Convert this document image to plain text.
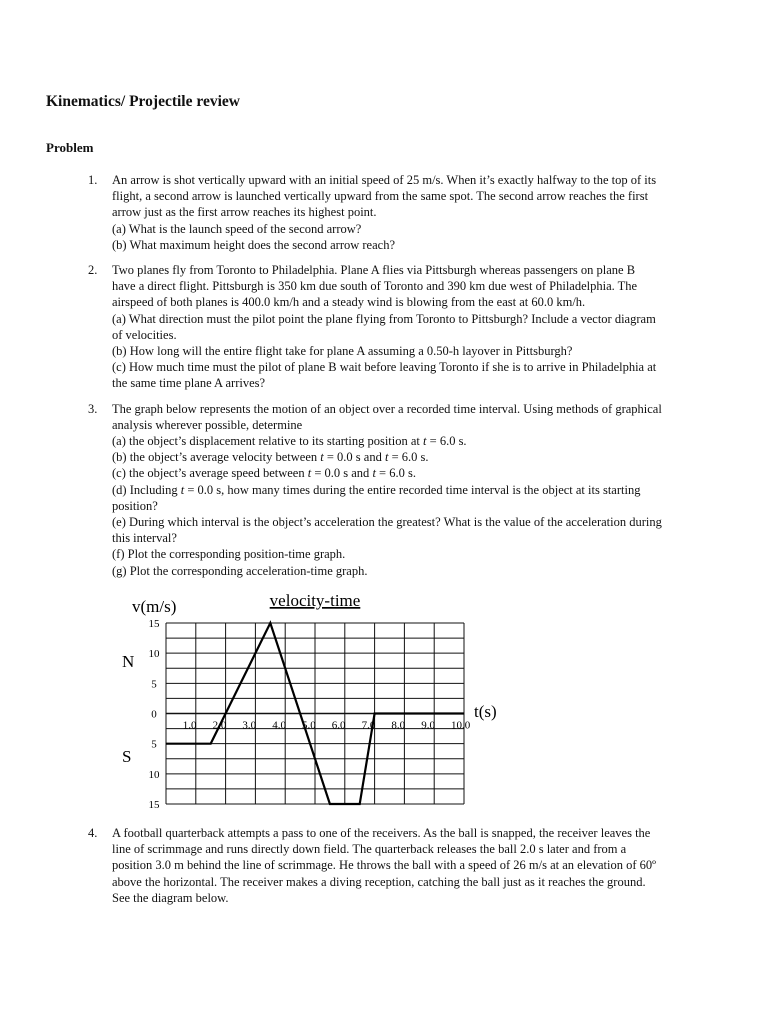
Kinematics/ Projectile review
Problem
1. An arrow is shot vertically upward with an initial speed of 25 m/s. When it’s exactly halfway to the top of its
flight, a second arrow is launched vertically upward from the same spot. The second arrow reaches the first
arrow just as the first arrow reaches its highest point.
(a) What is the launch speed of the second arrow?
(b) What maximum height does the second arrow reach?
2. Two planes fly from Toronto to Philadelphia. Plane A flies via Pittsburgh whereas passengers on plane B
have a direct flight. Pittsburgh is 350 km due south of Toronto and 390 km due west of Philadelphia. The
airspeed of both planes is 400.0 km/h and a steady wind is blowing from the east at 60.0 km/h.
(a) What direction must the pilot point the plane flying from Toronto to Pittsburgh? Include a vector diagram
of velocities.
(b) How long will the entire flight take for plane A assuming a 0.50-h layover in Pittsburgh?
(c) How much time must the pilot of plane B wait before leaving Toronto if she is to arrive in Philadelphia at
the same time plane A arrives?
3. The graph below represents the motion of an object over a recorded time interval. Using methods of graphical
analysis wherever possible, determine
(a) the object’s displacement relative to its starting position at t = 6.0 s.
(b) the object’s average velocity between t = 0.0 s and t = 6.0 s.
(c) the object’s average speed between t = 0.0 s and t = 6.0 s.
(d) Including t = 0.0 s, how many times during the entire recorded time interval is the object at its starting
position?
(e) During which interval is the object’s acceleration the greatest? What is the value of the acceleration during
this interval?
(f) Plot the corresponding position-time graph.
(g) Plot the corresponding acceleration-time graph.
velocity-time
v(m/s)
t(s)
N
S
15
10
5
0
5
10
15
1.0 2.0 3.0 4.0 5.0 6.0 7.0 8.0 9.0 10.0
4. A football quarterback attempts a pass to one of the receivers. As the ball is snapped, the receiver leaves the
line of scrimmage and runs directly down field. The quarterback releases the ball 2.0 s later and from a
position 3.0 m behind the line of scrimmage. He throws the ball with a speed of 26 m/s at an elevation of 60º
above the horizontal. The receiver makes a diving reception, catching the ball just as it reaches the ground.
See the diagram below.
